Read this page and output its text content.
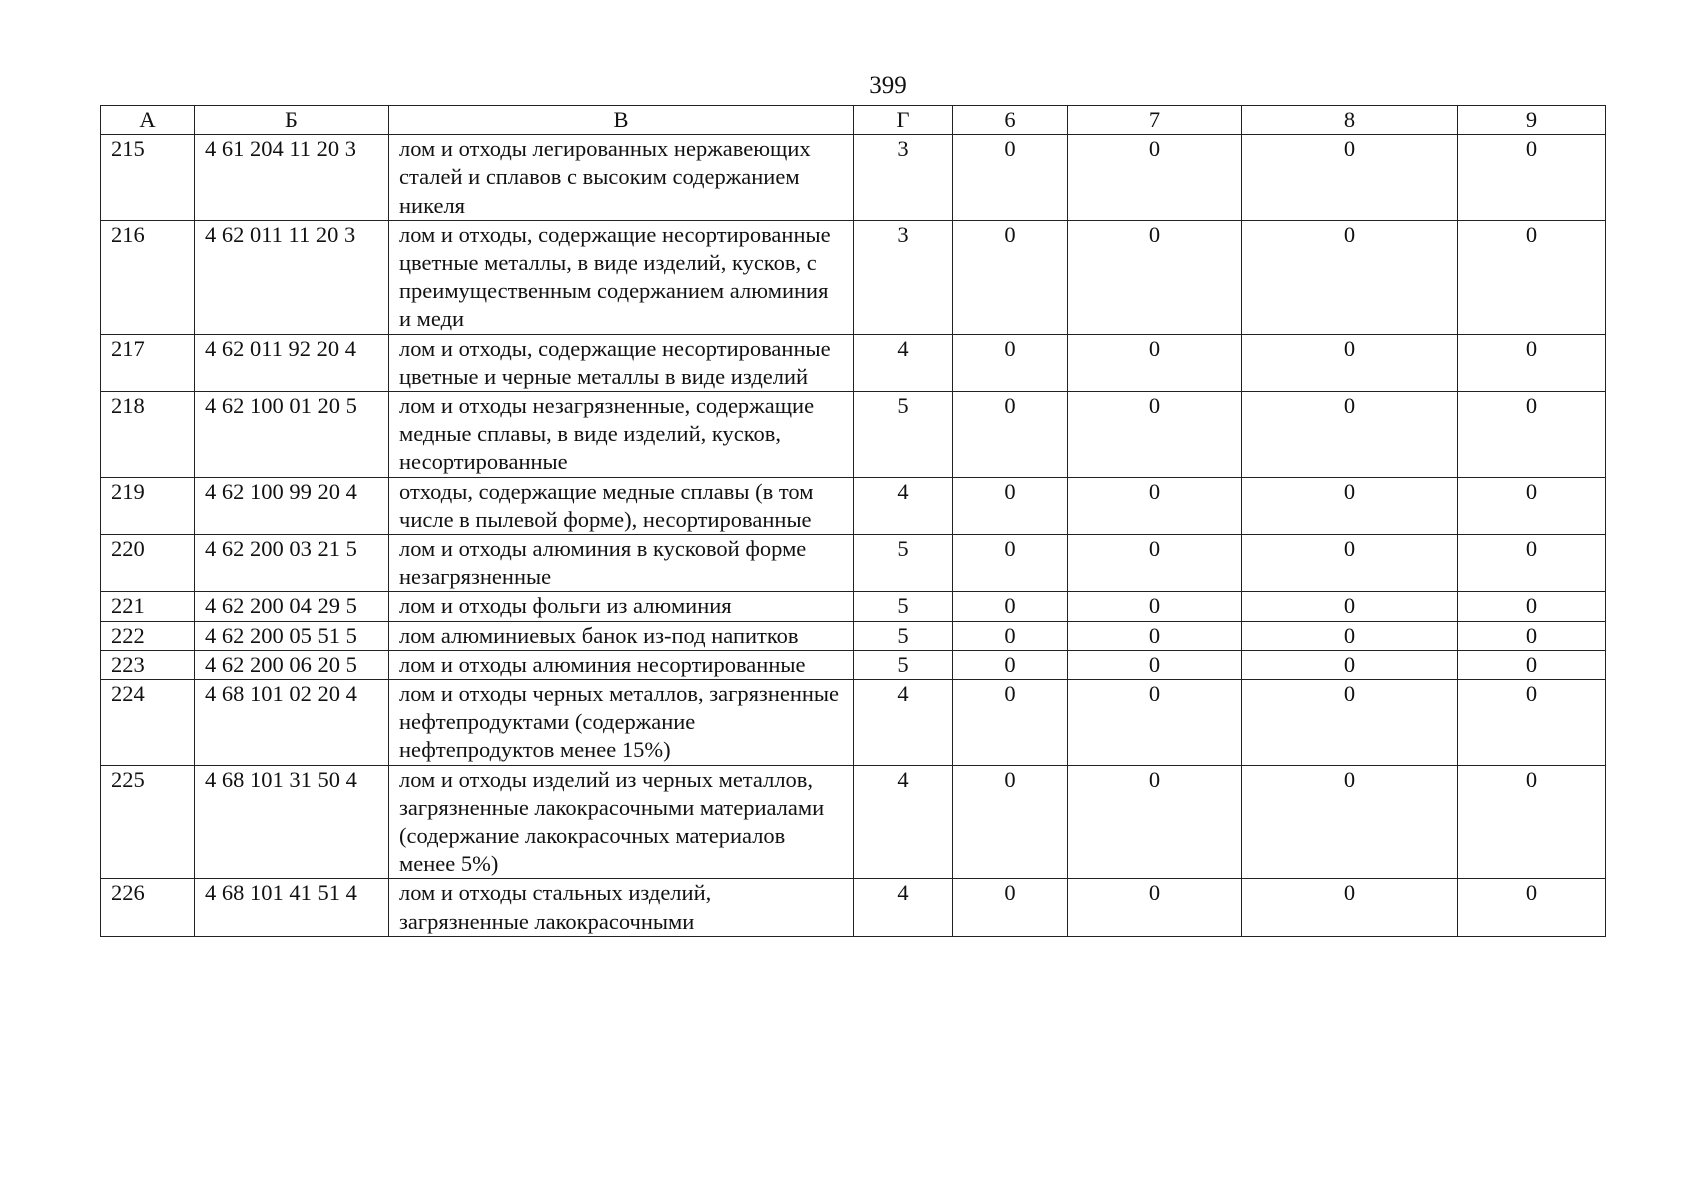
399
А	Б	В	Г	6	7	8	9
215	4 61 204 11 20 3	лом и отходы легированных нержавеющих сталей и сплавов с высоким содержанием никеля	3	0	0	0	0
216	4 62 011 11 20 3	лом и отходы, содержащие несортированные цветные металлы, в виде изделий, кусков, с преимущественным содержанием алюминия и меди	3	0	0	0	0
217	4 62 011 92 20 4	лом и отходы, содержащие несортированные цветные и черные металлы в виде изделий	4	0	0	0	0
218	4 62 100 01 20 5	лом и отходы незагрязненные, содержащие медные сплавы, в виде изделий, кусков, несортированные	5	0	0	0	0
219	4 62 100 99 20 4	отходы, содержащие медные сплавы (в том числе в пылевой форме), несортированные	4	0	0	0	0
220	4 62 200 03 21 5	лом и отходы алюминия в кусковой форме незагрязненные	5	0	0	0	0
221	4 62 200 04 29 5	лом и отходы фольги из алюминия	5	0	0	0	0
222	4 62 200 05 51 5	лом алюминиевых банок из-под напитков	5	0	0	0	0
223	4 62 200 06 20 5	лом и отходы алюминия несортированные	5	0	0	0	0
224	4 68 101 02 20 4	лом и отходы черных металлов, загрязненные нефтепродуктами (содержание нефтепродуктов менее 15%)	4	0	0	0	0
225	4 68 101 31 50 4	лом и отходы изделий из черных металлов, загрязненные лакокрасочными материалами (содержание лакокрасочных материалов менее 5%)	4	0	0	0	0
226	4 68 101 41 51 4	лом и отходы стальных изделий, загрязненные лакокрасочными	4	0	0	0	0
